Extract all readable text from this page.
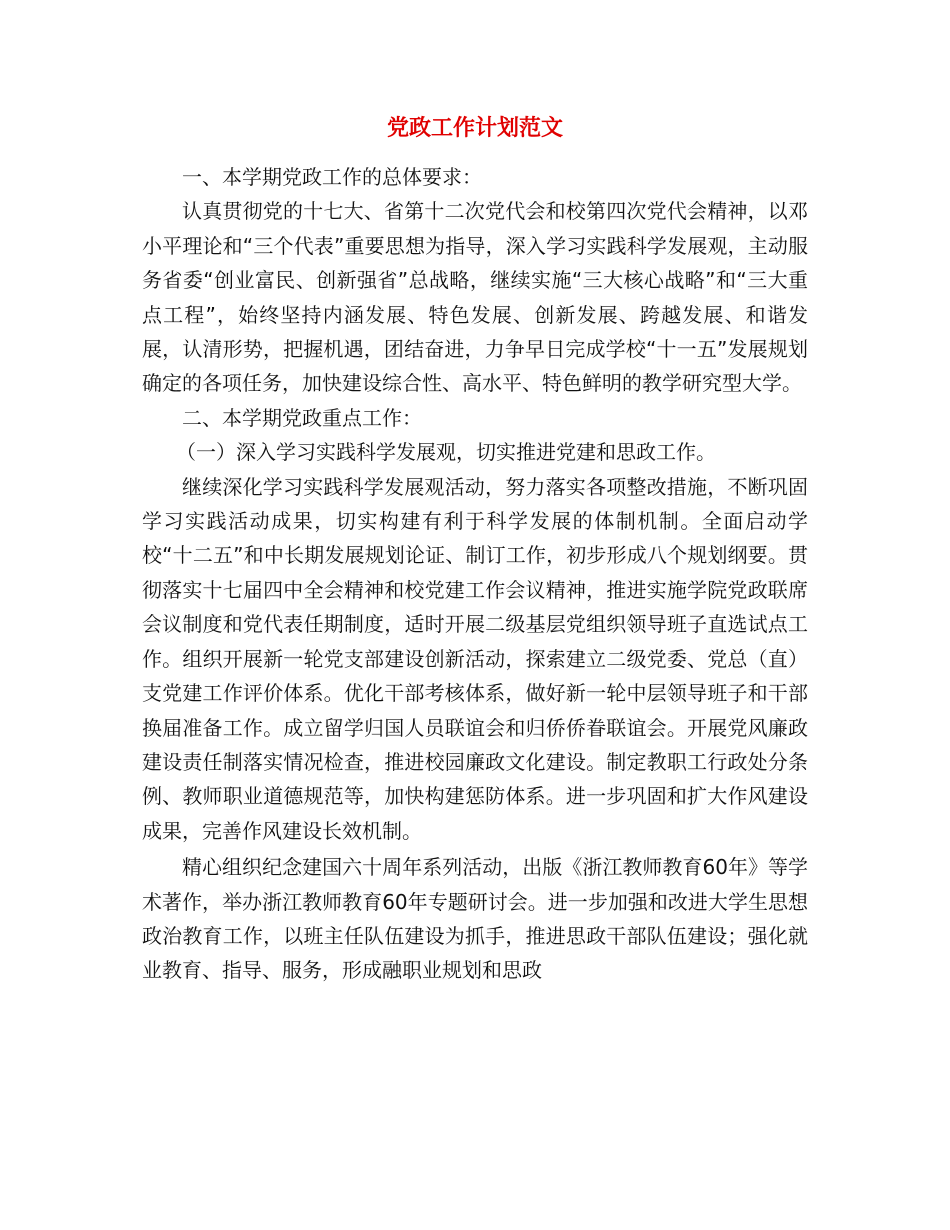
党政工作计划范文

一、本学期党政工作的总体要求：

认真贯彻党的十七大、省第十二次党代会和校第四次党代会精神，以邓小平理论和“三个代表”重要思想为指导，深入学习实践科学发展观，主动服务省委“创业富民、创新强省”总战略，继续实施“三大核心战略”和“三大重点工程”，始终坚持内涵发展、特色发展、创新发展、跨越发展、和谐发展，认清形势，把握机遇，团结奋进，力争早日完成学校“十一五”发展规划确定的各项任务，加快建设综合性、高水平、特色鲜明的教学研究型大学。

二、本学期党政重点工作：

（一）深入学习实践科学发展观，切实推进党建和思政工作。

继续深化学习实践科学发展观活动，努力落实各项整改措施，不断巩固学习实践活动成果，切实构建有利于科学发展的体制机制。全面启动学校“十二五”和中长期发展规划论证、制订工作，初步形成八个规划纲要。贯彻落实十七届四中全会精神和校党建工作会议精神，推进实施学院党政联席会议制度和党代表任期制度，适时开展二级基层党组织领导班子直选试点工作。组织开展新一轮党支部建设创新活动，探索建立二级党委、党总（直）支党建工作评价体系。优化干部考核体系，做好新一轮中层领导班子和干部换届准备工作。成立留学归国人员联谊会和归侨侨眷联谊会。开展党风廉政建设责任制落实情况检查，推进校园廉政文化建设。制定教职工行政处分条例、教师职业道德规范等，加快构建惩防体系。进一步巩固和扩大作风建设成果，完善作风建设长效机制。

精心组织纪念建国六十周年系列活动，出版《浙江教师教育60年》等学术著作，举办浙江教师教育60年专题研讨会。进一步加强和改进大学生思想政治教育工作，以班主任队伍建设为抓手，推进思政干部队伍建设；强化就业教育、指导、服务，形成融职业规划和思政
